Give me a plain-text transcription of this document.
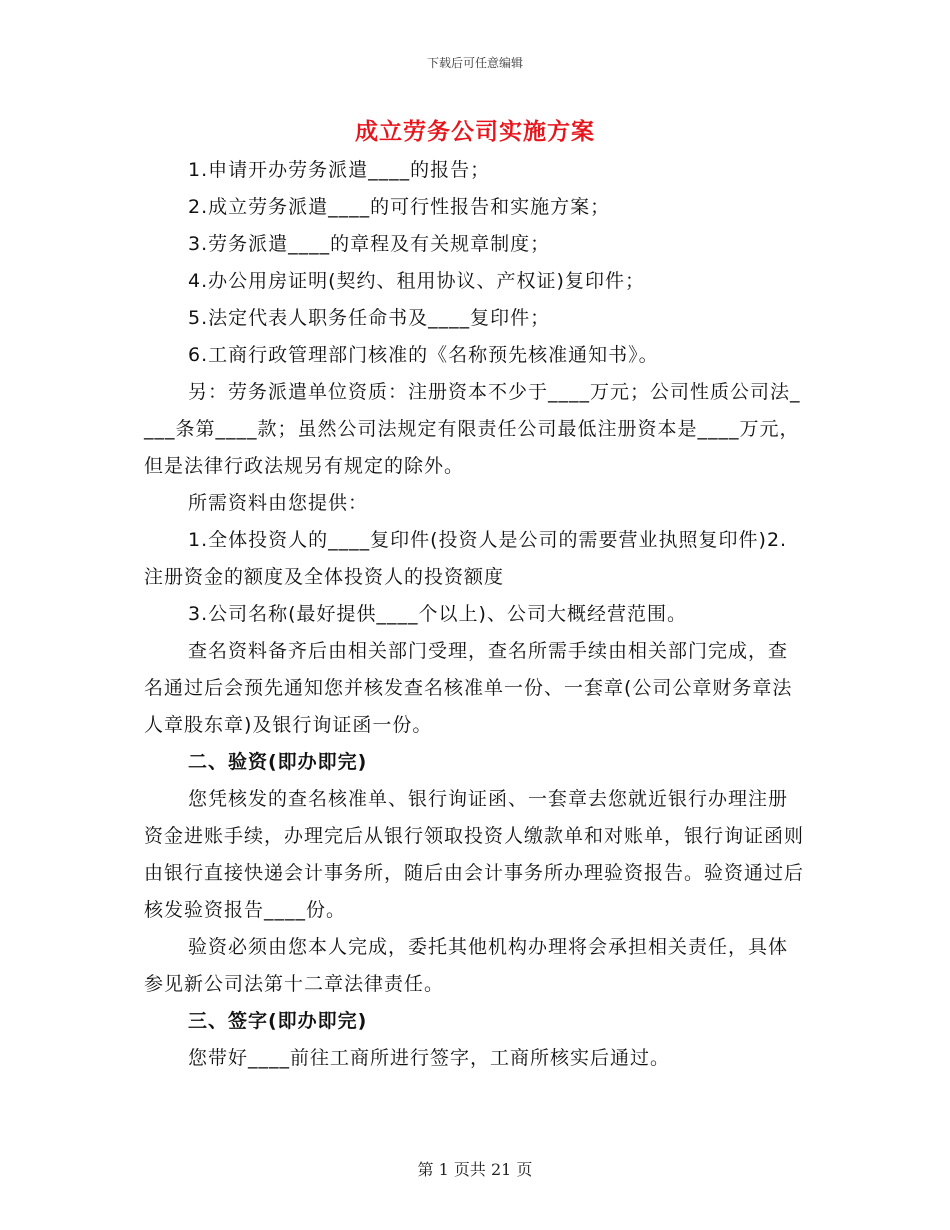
下载后可任意编辑
成立劳务公司实施方案

1.申请开办劳务派遣____的报告；

2.成立劳务派遣____的可行性报告和实施方案；

3.劳务派遣____的章程及有关规章制度；

4.办公用房证明(契约、租用协议、产权证)复印件；

5.法定代表人职务任命书及____复印件；

6.工商行政管理部门核准的《名称预先核准通知书》。

另：劳务派遣单位资质：注册资本不少于____万元；公司性质公司法____条第____款；虽然公司法规定有限责任公司最低注册资本是____万元，但是法律行政法规另有规定的除外。

所需资料由您提供：

1.全体投资人的____复印件(投资人是公司的需要营业执照复印件)2.注册资金的额度及全体投资人的投资额度

3.公司名称(最好提供____个以上)、公司大概经营范围。

查名资料备齐后由相关部门受理，查名所需手续由相关部门完成，查名通过后会预先通知您并核发查名核准单一份、一套章(公司公章财务章法人章股东章)及银行询证函一份。

二、验资(即办即完)

您凭核发的查名核准单、银行询证函、一套章去您就近银行办理注册资金进账手续，办理完后从银行领取投资人缴款单和对账单，银行询证函则由银行直接快递会计事务所，随后由会计事务所办理验资报告。验资通过后核发验资报告____份。

验资必须由您本人完成，委托其他机构办理将会承担相关责任，具体参见新公司法第十二章法律责任。

三、签字(即办即完)

您带好____前往工商所进行签字，工商所核实后通过。

第 1 页共 21 页
